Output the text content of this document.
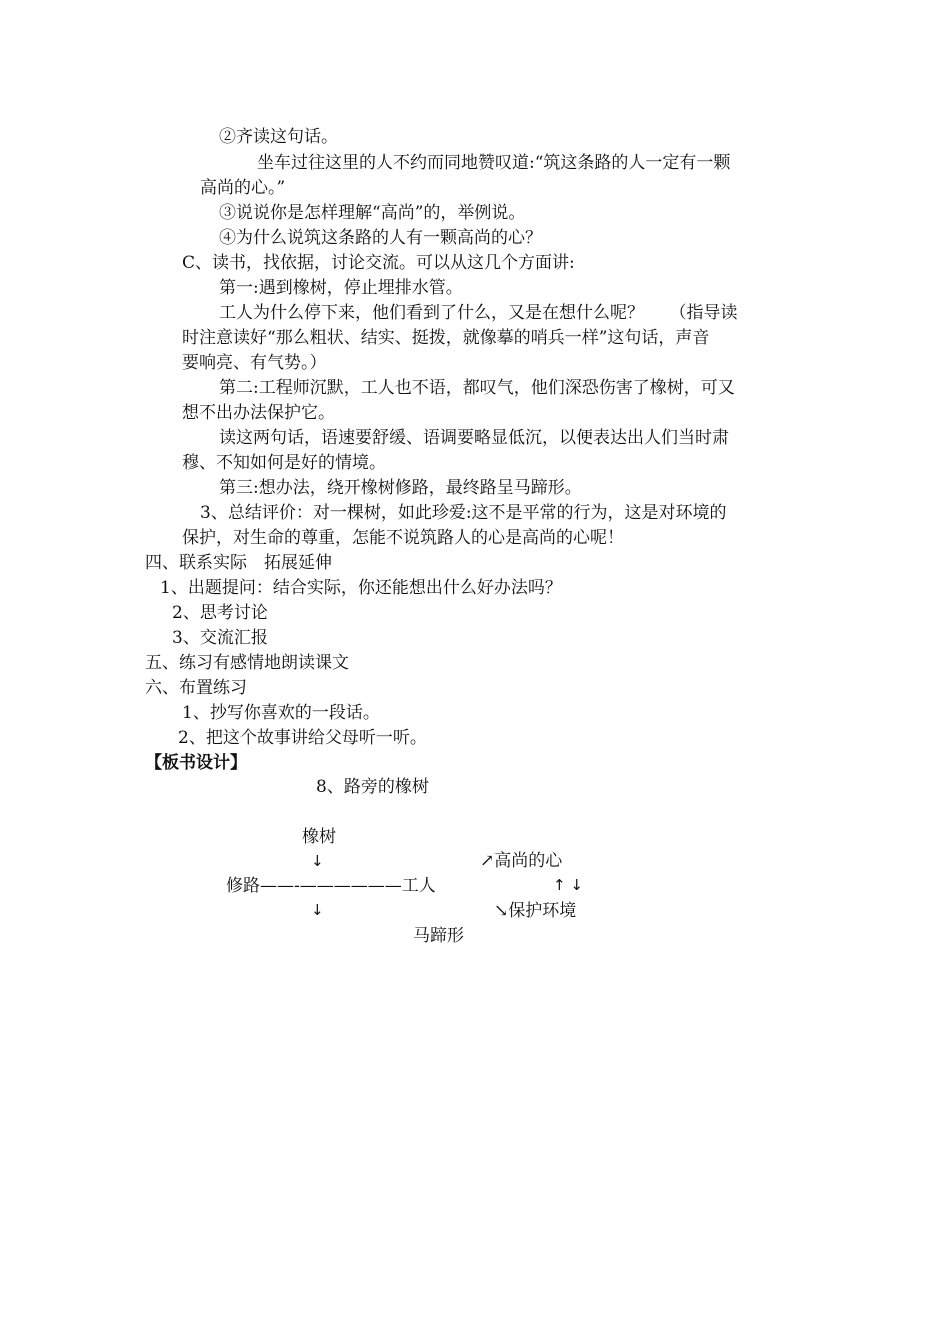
②齐读这句话。
坐车过往这里的人不约而同地赞叹道:“筑这条路的人一定有一颗
高尚的心。”
③说说你是怎样理解“高尚”的，举例说。
④为什么说筑这条路的人有一颗高尚的心？
C、读书，找依据，讨论交流。可以从这几个方面讲:
第一:遇到橡树，停止埋排水管。
工人为什么停下来，他们看到了什么，又是在想什么呢？　　（指导读
时注意读好“那么粗状、结实、挺拨，就像摹的哨兵一样”这句话，声音
要响亮、有气势。）
第二:工程师沉默，工人也不语，都叹气，他们深恐伤害了橡树，可又
想不出办法保护它。
读这两句话，语速要舒缓、语调要略显低沉，以便表达出人们当时肃
穆、不知如何是好的情境。
第三:想办法，绕开橡树修路，最终路呈马蹄形。
3、总结评价：对一棵树，如此珍爱:这不是平常的行为，这是对环境的
保护，对生命的尊重，怎能不说筑路人的心是高尚的心呢！
四、联系实际　拓展延伸
1、出题提问：结合实际，你还能想出什么好办法吗？
2、思考讨论
3、交流汇报
五、练习有感情地朗读课文
六、布置练习
1、抄写你喜欢的一段话。
2、把这个故事讲给父母听一听。
【板书设计】
8、路旁的橡树
橡树
↓	↗高尚的心
修路——-——————工人	↑ ↓
↓	↘保护环境
马蹄形
